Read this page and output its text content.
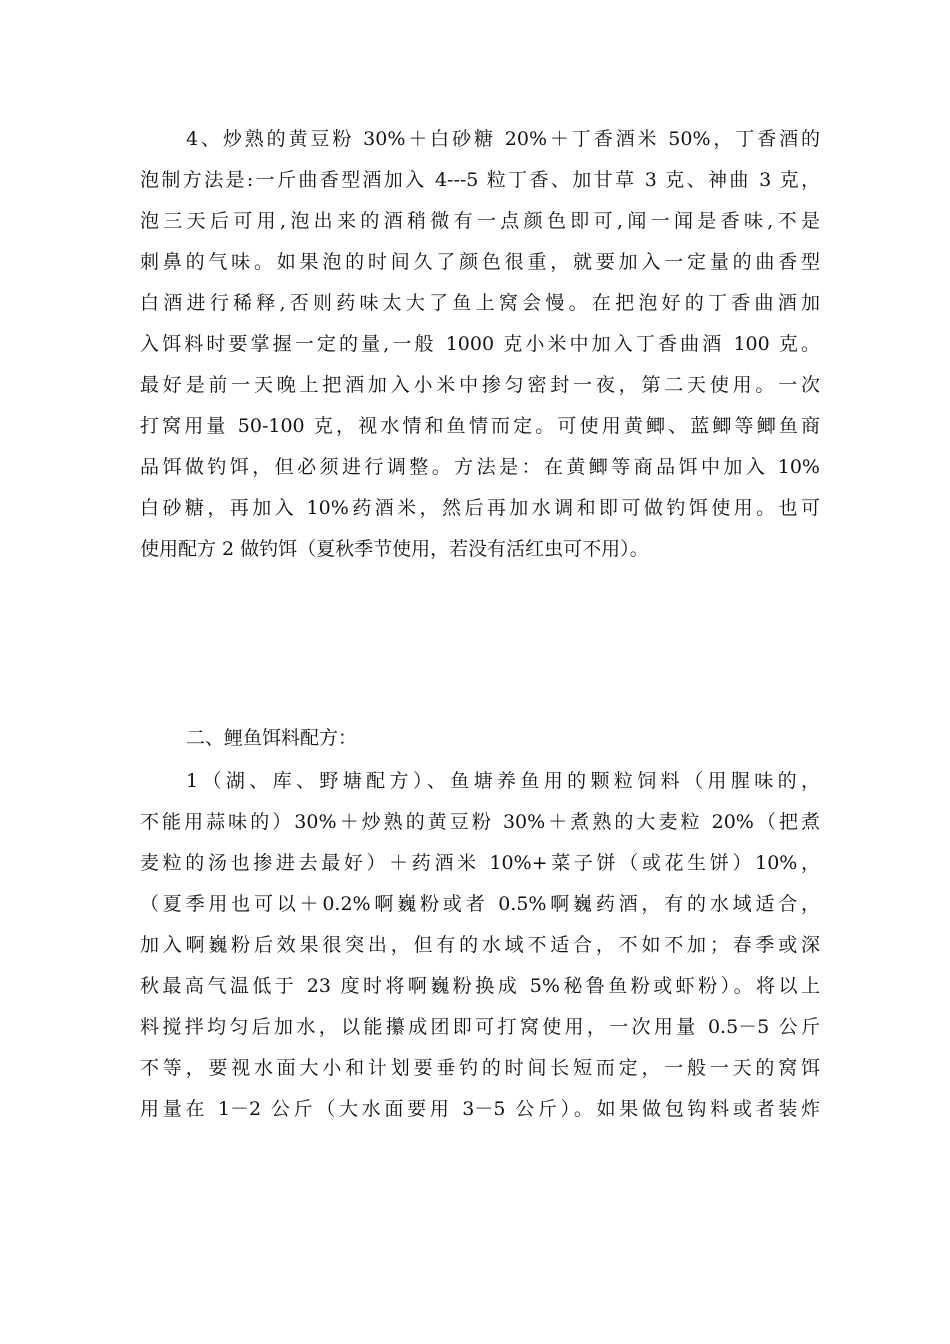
4、炒熟的黄豆粉 30%＋白砂糖 20%＋丁香酒米 50%，丁香酒的
泡制方法是:一斤曲香型酒加入 4---5 粒丁香、加甘草 3 克、神曲 3 克，
泡三天后可用,泡出来的酒稍微有一点颜色即可,闻一闻是香味,不是
刺鼻的气味。如果泡的时间久了颜色很重，就要加入一定量的曲香型
白酒进行稀释,否则药味太大了鱼上窝会慢。在把泡好的丁香曲酒加
入饵料时要掌握一定的量,一般 1000 克小米中加入丁香曲酒 100 克。
最好是前一天晚上把酒加入小米中掺匀密封一夜，第二天使用。一次
打窝用量 50-100 克，视水情和鱼情而定。可使用黄鲫、蓝鲫等鲫鱼商
品饵做钓饵，但必须进行调整。方法是：在黄鲫等商品饵中加入 10%
白砂糖，再加入 10%药酒米，然后再加水调和即可做钓饵使用。也可
使用配方 2 做钓饵（夏秋季节使用，若没有活红虫可不用）。
二、鲤鱼饵料配方：
1（湖、库、野塘配方）、鱼塘养鱼用的颗粒饲料（用腥味的，
不能用蒜味的）30%＋炒熟的黄豆粉 30%＋煮熟的大麦粒 20%（把煮
麦粒的汤也掺进去最好）＋药酒米 10%+菜子饼（或花生饼）10%，
（夏季用也可以＋0.2%啊巍粉或者 0.5%啊巍药酒，有的水域适合，
加入啊巍粉后效果很突出，但有的水域不适合，不如不加；春季或深
秋最高气温低于 23 度时将啊巍粉换成 5%秘鲁鱼粉或虾粉）。将以上
料搅拌均匀后加水，以能攥成团即可打窝使用，一次用量 0.5－5 公斤
不等，要视水面大小和计划要垂钓的时间长短而定，一般一天的窝饵
用量在 1－2 公斤（大水面要用 3－5 公斤）。如果做包钩料或者装炸
